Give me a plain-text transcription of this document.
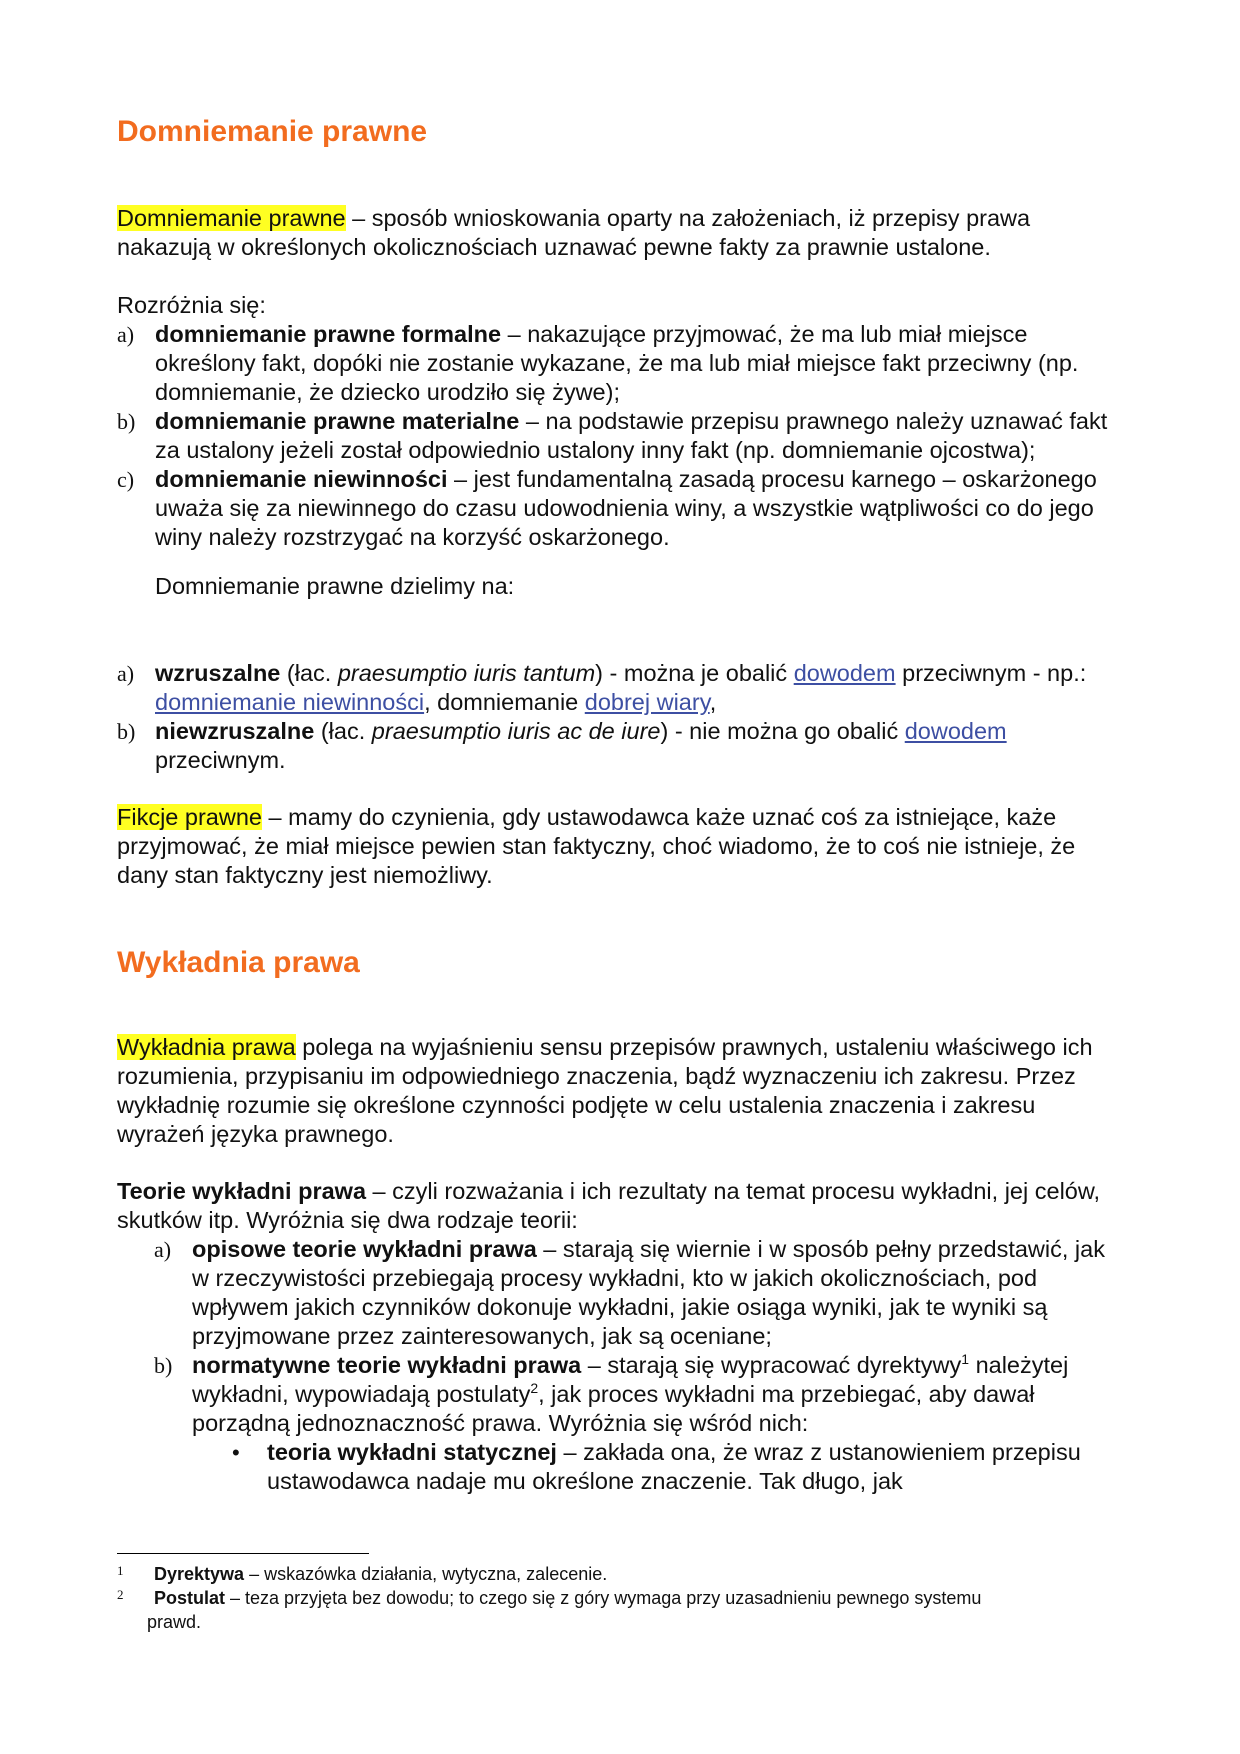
Domniemanie prawne

Domniemanie prawne – sposób wnioskowania oparty na założeniach, iż przepisy prawa nakazują w określonych okolicznościach uznawać pewne fakty za prawnie ustalone.

Rozróżnia się:

a) domniemanie prawne formalne – nakazujące przyjmować, że ma lub miał miejsce określony fakt, dopóki nie zostanie wykazane, że ma lub miał miejsce fakt przeciwny (np. domniemanie, że dziecko urodziło się żywe);
b) domniemanie prawne materialne – na podstawie przepisu prawnego należy uznawać fakt za ustalony jeżeli został odpowiednio ustalony inny fakt (np. domniemanie ojcostwa);
c) domniemanie niewinności – jest fundamentalną zasadą procesu karnego – oskarżonego uważa się za niewinnego do czasu udowodnienia winy, a wszystkie wątpliwości co do jego winy należy rozstrzygać na korzyść oskarżonego.

Domniemanie prawne dzielimy na:

a) wzruszalne (łac. praesumptio iuris tantum) - można je obalić dowodem przeciwnym - np.: domniemanie niewinności, domniemanie dobrej wiary,
b) niewzruszalne (łac. praesumptio iuris ac de iure) - nie można go obalić dowodem przeciwnym.

Fikcje prawne – mamy do czynienia, gdy ustawodawca każe uznać coś za istniejące, każe przyjmować, że miał miejsce pewien stan faktyczny, choć wiadomo, że to coś nie istnieje, że dany stan faktyczny jest niemożliwy.

Wykładnia prawa

Wykładnia prawa polega na wyjaśnieniu sensu przepisów prawnych, ustaleniu właściwego ich rozumienia, przypisaniu im odpowiedniego znaczenia, bądź wyznaczeniu ich zakresu. Przez wykładnię rozumie się określone czynności podjęte w celu ustalenia znaczenia i zakresu wyrażeń języka prawnego.

Teorie wykładni prawa – czyli rozważania i ich rezultaty na temat procesu wykładni, jej celów, skutków itp. Wyróżnia się dwa rodzaje teorii:

a) opisowe teorie wykładni prawa – starają się wiernie i w sposób pełny przedstawić, jak w rzeczywistości przebiegają procesy wykładni, kto w jakich okolicznościach, pod wpływem jakich czynników dokonuje wykładni, jakie osiąga wyniki, jak te wyniki są przyjmowane przez zainteresowanych, jak są oceniane;
b) normatywne teorie wykładni prawa – starają się wypracować dyrektywy$^1$ należytej wykładni, wypowiadają postulaty$^2$, jak proces wykładni ma przebiegać, aby dawał porządną jednoznaczność prawa. Wyróżnia się wśród nich:
• teoria wykładni statycznej – zakłada ona, że wraz z ustanowieniem przepisu ustawodawca nadaje mu określone znaczenie. Tak długo, jak
1 Dyrektywa – wskazówka działania, wytyczna, zalecenie.
2 Postulat – teza przyjęta bez dowodu; to czego się z góry wymaga przy uzasadnieniu pewnego systemu
prawd.
